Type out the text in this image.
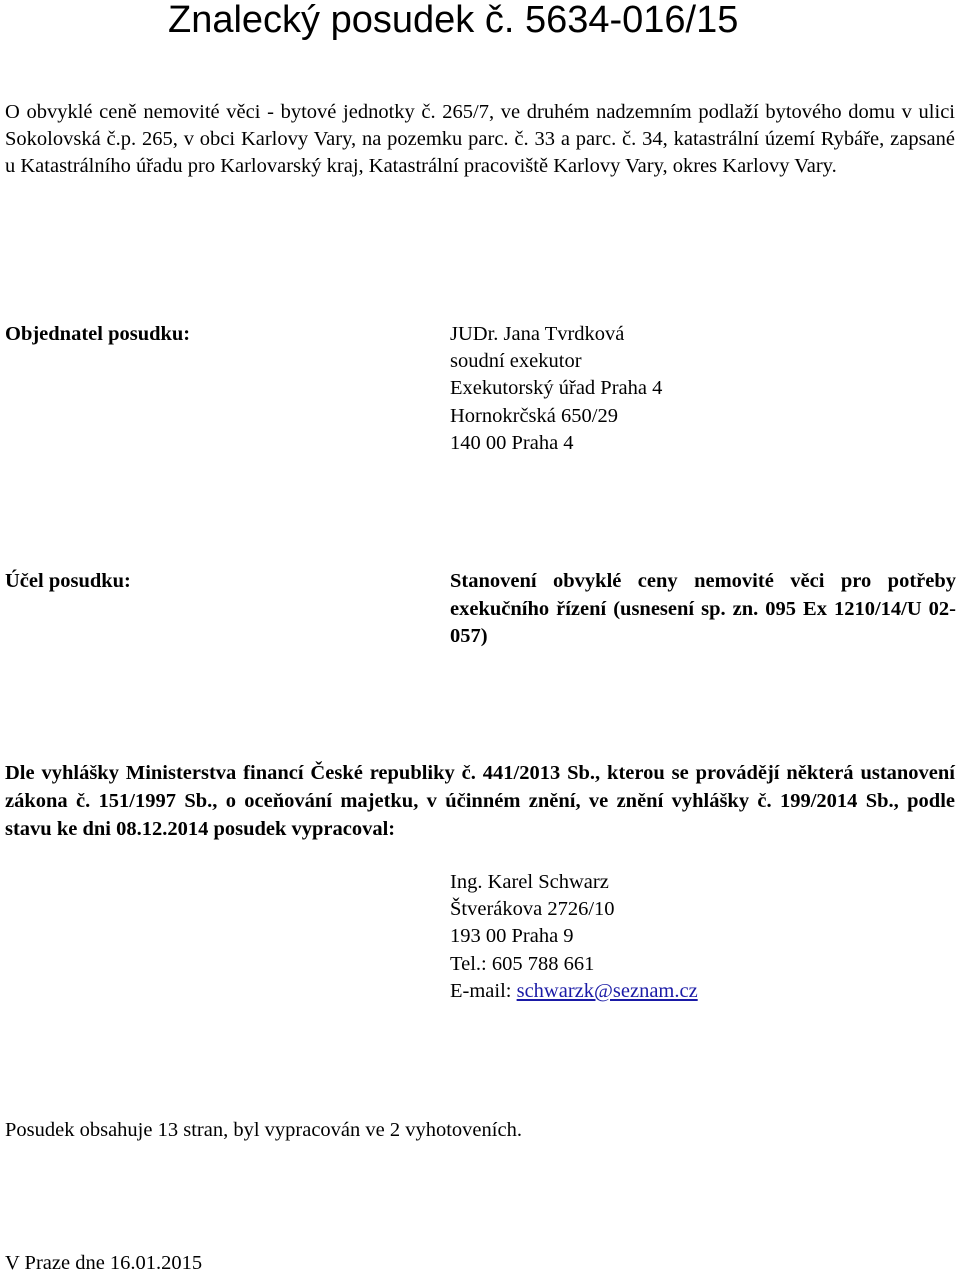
Znalecký posudek č. 5634-016/15
O obvyklé ceně nemovité věci - bytové jednotky č. 265/7, ve druhém nadzemním podlaží bytového domu v ulici Sokolovská č.p. 265, v obci Karlovy Vary, na pozemku parc. č. 33 a parc. č. 34, katastrální území Rybáře, zapsané u Katastrálního úřadu pro Karlovarský kraj, Katastrální pracoviště Karlovy Vary, okres Karlovy Vary.
Objednatel posudku:	JUDr. Jana Tvrdková
soudní exekutor
Exekutorský úřad Praha 4
Hornokrčská 650/29
140 00 Praha 4
Účel posudku:	Stanovení obvyklé ceny nemovité věci pro potřeby exekučního řízení (usnesení sp. zn. 095 Ex 1210/14/U 02-057)
Dle vyhlášky Ministerstva financí České republiky č. 441/2013 Sb., kterou se provádějí některá ustanovení zákona č. 151/1997 Sb., o oceňování majetku, v účinném znění, ve znění vyhlášky č. 199/2014 Sb., podle stavu ke dni 08.12.2014 posudek vypracoval:
Ing. Karel Schwarz
Štverákova 2726/10
193 00 Praha 9
Tel.: 605 788 661
E-mail: schwarzk@seznam.cz
Posudek obsahuje 13 stran, byl vypracován ve 2 vyhotoveních.
V Praze dne 16.01.2015
